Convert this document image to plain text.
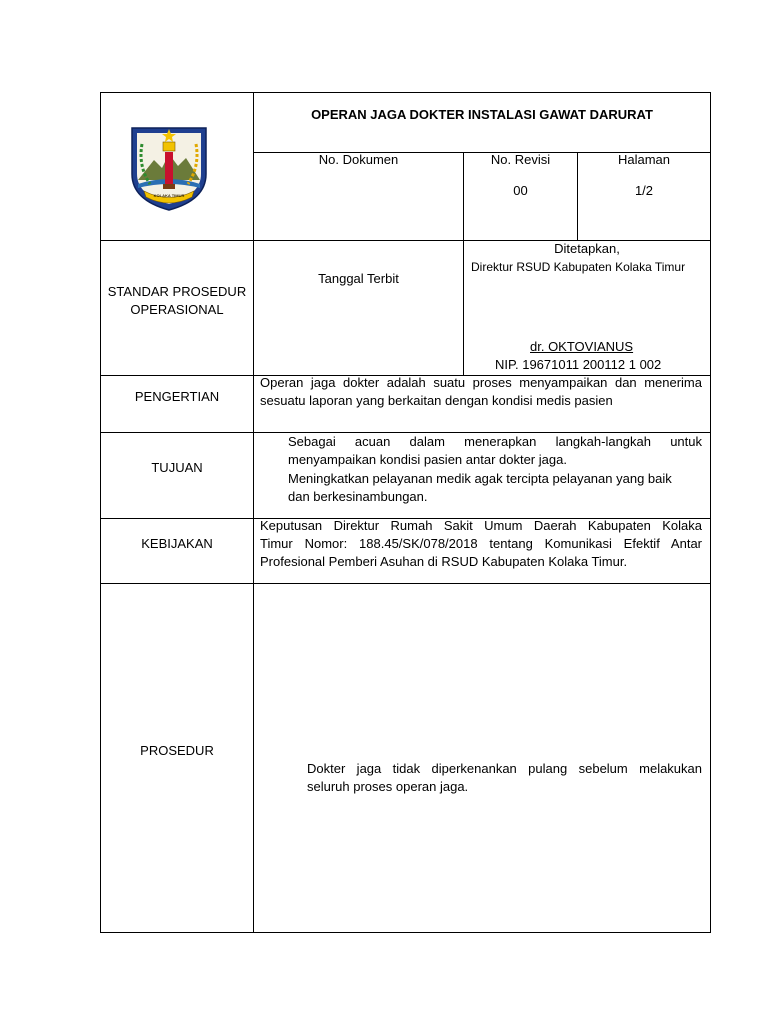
KOLAKA TIMUR
OPERAN JAGA DOKTER INSTALASI GAWAT DARURAT
No. Dokumen	No. Revisi
00
Halaman
1/2
STANDAR PROSEDUR
OPERASIONAL
Tanggal Terbit
Ditetapkan,
Direktur RSUD Kabupaten Kolaka Timur
dr. OKTOVIANUS
NIP. 19671011 200112 1 002
PENGERTIAN
Operan jaga dokter adalah suatu proses menyampaikan dan menerima
sesuatu laporan yang berkaitan dengan kondisi medis pasien
TUJUAN
Sebagai acuan dalam menerapkan langkah-langkah untuk
menyampaikan kondisi pasien antar dokter jaga.
Meningkatkan pelayanan medik agak tercipta pelayanan yang baik
dan berkesinambungan.
KEBIJAKAN
Keputusan Direktur Rumah Sakit Umum Daerah Kabupaten Kolaka
Timur Nomor: 188.45/SK/078/2018 tentang Komunikasi Efektif Antar
Profesional Pemberi Asuhan di RSUD Kabupaten Kolaka Timur.
PROSEDUR
Dokter jaga tidak diperkenankan pulang sebelum melakukan
seluruh proses operan jaga.
